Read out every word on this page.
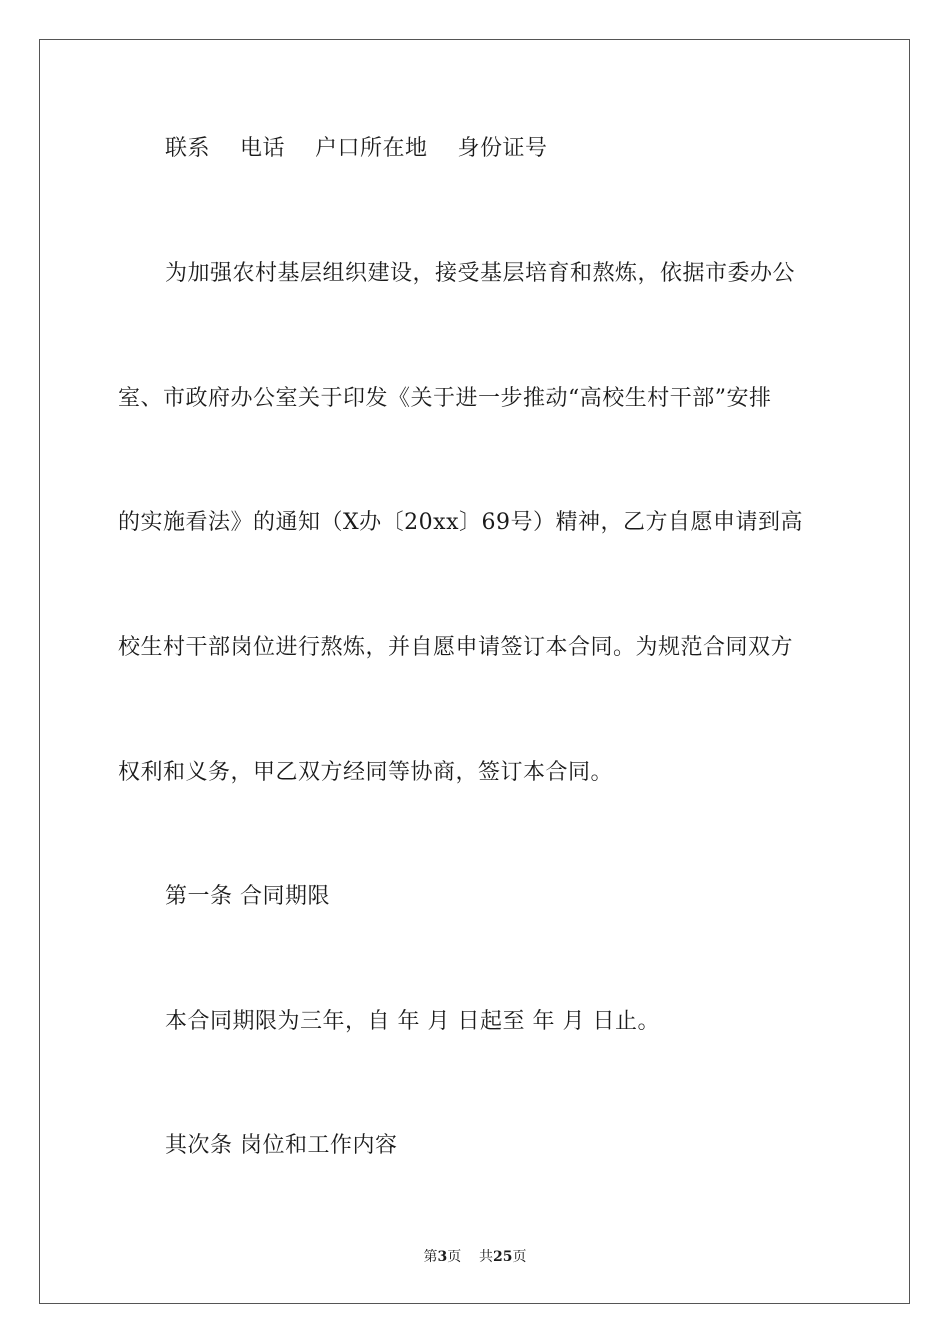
联系　 电话　 户口所在地　 身份证号
为加强农村基层组织建设，接受基层培育和熬炼，依据市委办公
室、市政府办公室关于印发《关于进一步推动“高校生村干部”安排
的实施看法》的通知（X办〔20xx〕69号）精神，乙方自愿申请到高
校生村干部岗位进行熬炼，并自愿申请签订本合同。为规范合同双方
权利和义务，甲乙双方经同等协商，签订本合同。
第一条 合同期限
本合同期限为三年，自 年 月 日起至 年 月 日止。
其次条 岗位和工作内容
第3页 共25页
